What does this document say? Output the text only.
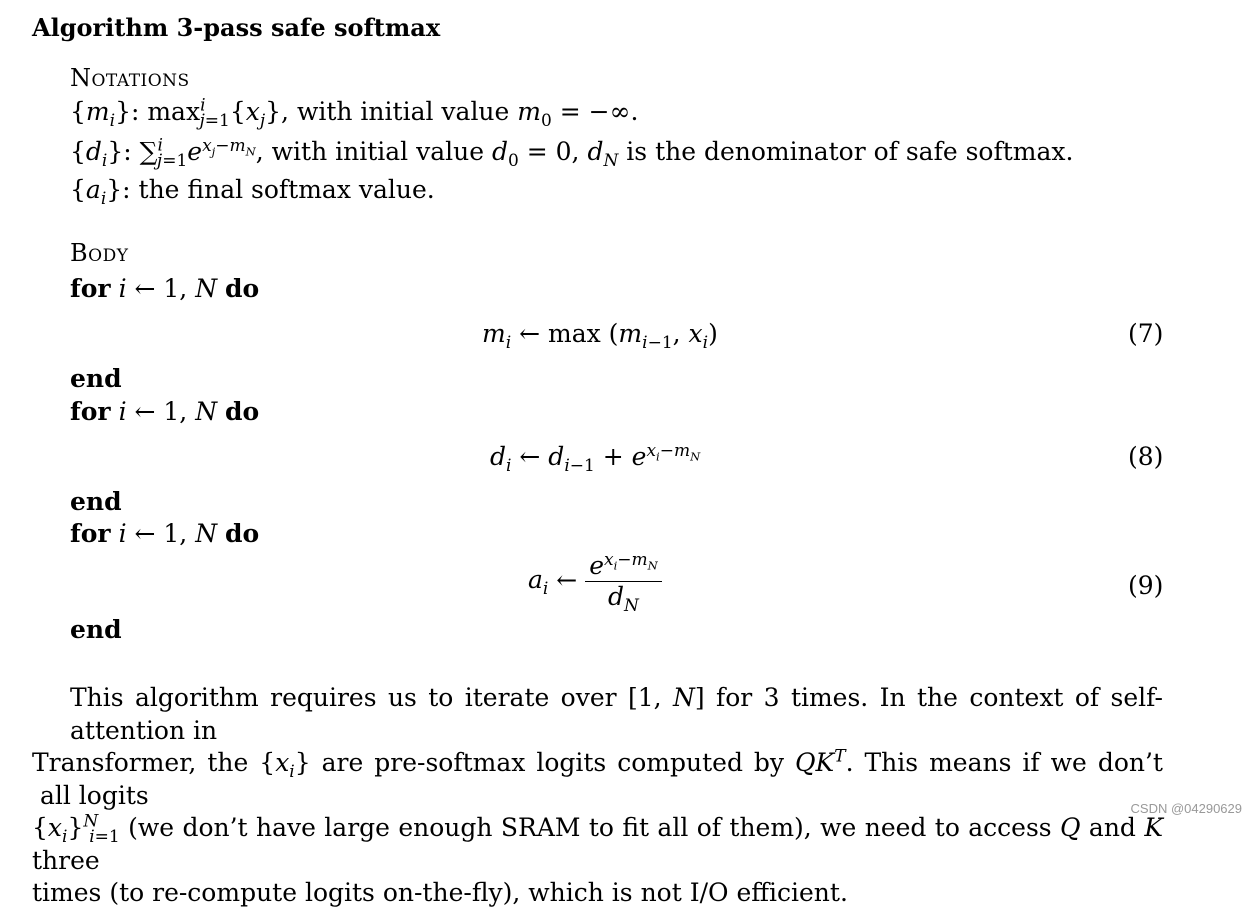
Algorithm 3-pass safe softmax
Notations
$\{m_i\}$: $\max^i_{j=1}\{x_j\}$, with initial value $m_0$ = −∞.
$\{d_i\}$: $\sum^i_{j=1}e^{x_j-m_N}$, with initial value $d_0 = 0$, $d_N$ is the denominator of safe softmax.
$\{a_i\}$: the final softmax value.
Body
for i ← 1, N do
$m_i$ ← $\max (m_{i-1}$, $x_i$)	(7)
end
for i ← 1, N do
$d_i$ ← $d_{i-1} + e^{x_i-m_N}$	(8)
end
for i ← 1, N do
$a_i$ ← $\frac{e^{x_i-m_N}}{d_N}$	(9)
end
This algorithm requires us to iterate over [1, N] for 3 times. In the context of self-attention in
Transformer, the $\{x_i\}$ are pre-softmax logits computed by $QK^T$. This means if we don’t  all logits
$\{x_i\}^N_{i=1}$ (we don’t have large enough SRAM to fit all of them), we need to access Q and K three
times (to re-compute logits on-the-fly), which is not I/O efficient.
CSDN @04290629
